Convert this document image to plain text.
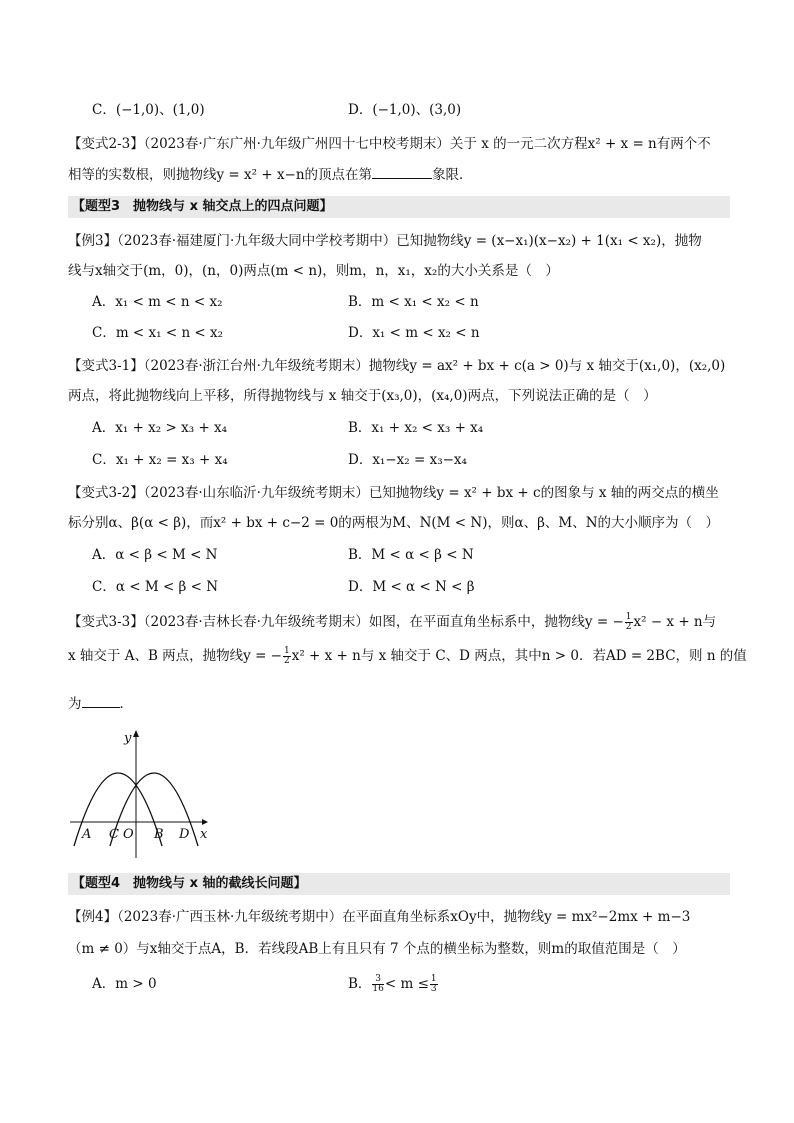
C．(−1,0)、(1,0)	D．(−1,0)、(3,0)
【变式2-3】（2023春·广东广州·九年级广州四十七中校考期末）关于 x 的一元二次方程x² + x = n有两个不
相等的实数根，则抛物线y = x² + x−n的顶点在第	象限．
【题型3　抛物线与 x 轴交点上的四点问题】
【例3】（2023春·福建厦门·九年级大同中学校考期中）已知抛物线y = (x−x₁)(x−x₂) + 1(x₁ < x₂)，抛物
线与x轴交于(m，0)，(n，0)两点(m < n)，则m，n，x₁，x₂的大小关系是（　）
A．x₁ < m < n < x₂	B．m < x₁ < x₂ < n
C．m < x₁ < n < x₂	D．x₁ < m < x₂ < n
【变式3-1】（2023春·浙江台州·九年级统考期末）抛物线y = ax² + bx + c(a > 0)与 x 轴交于(x₁,0)，(x₂,0)
两点，将此抛物线向上平移，所得抛物线与 x 轴交于(x₃,0)，(x₄,0)两点，下列说法正确的是（　）
A．x₁ + x₂ > x₃ + x₄	B．x₁ + x₂ < x₃ + x₄
C．x₁ + x₂ = x₃ + x₄	D．x₁−x₂ = x₃−x₄
【变式3-2】（2023春·山东临沂·九年级统考期末）已知抛物线y = x² + bx + c的图象与 x 轴的两交点的横坐
标分别α、β(α < β)，而x² + bx + c−2 = 0的两根为M、N(M < N)，则α、β、M、N的大小顺序为（　）
A．α < β < M < N	B．M < α < β < N
C．α < M < β < N	D．M < α < N < β
【变式3-3】（2023春·吉林长春·九年级统考期末）如图，在平面直角坐标系中，抛物线y = − $\frac{1}{2} x^2 - x + n$与
x 轴交于 A、B 两点，抛物线y = − $\frac{1}{2} x^2 + x + n$与 x 轴交于 C、D 两点，其中n > 0．若AD = 2BC，则 n 的值
为	．
y
x
A C O B D
【题型4　抛物线与 x 轴的截线长问题】
【例4】（2023春·广西玉林·九年级统考期中）在平面直角坐标系xOy中，抛物线y = mx²−2mx + m−3
（m ≠ 0）与x轴交于点A，B．若线段AB上有且只有 7 个点的横坐标为整数，则m的取值范围是（　）
A．m > 0	B． $\frac{3}{16} < m \le \frac{1}{3}$
